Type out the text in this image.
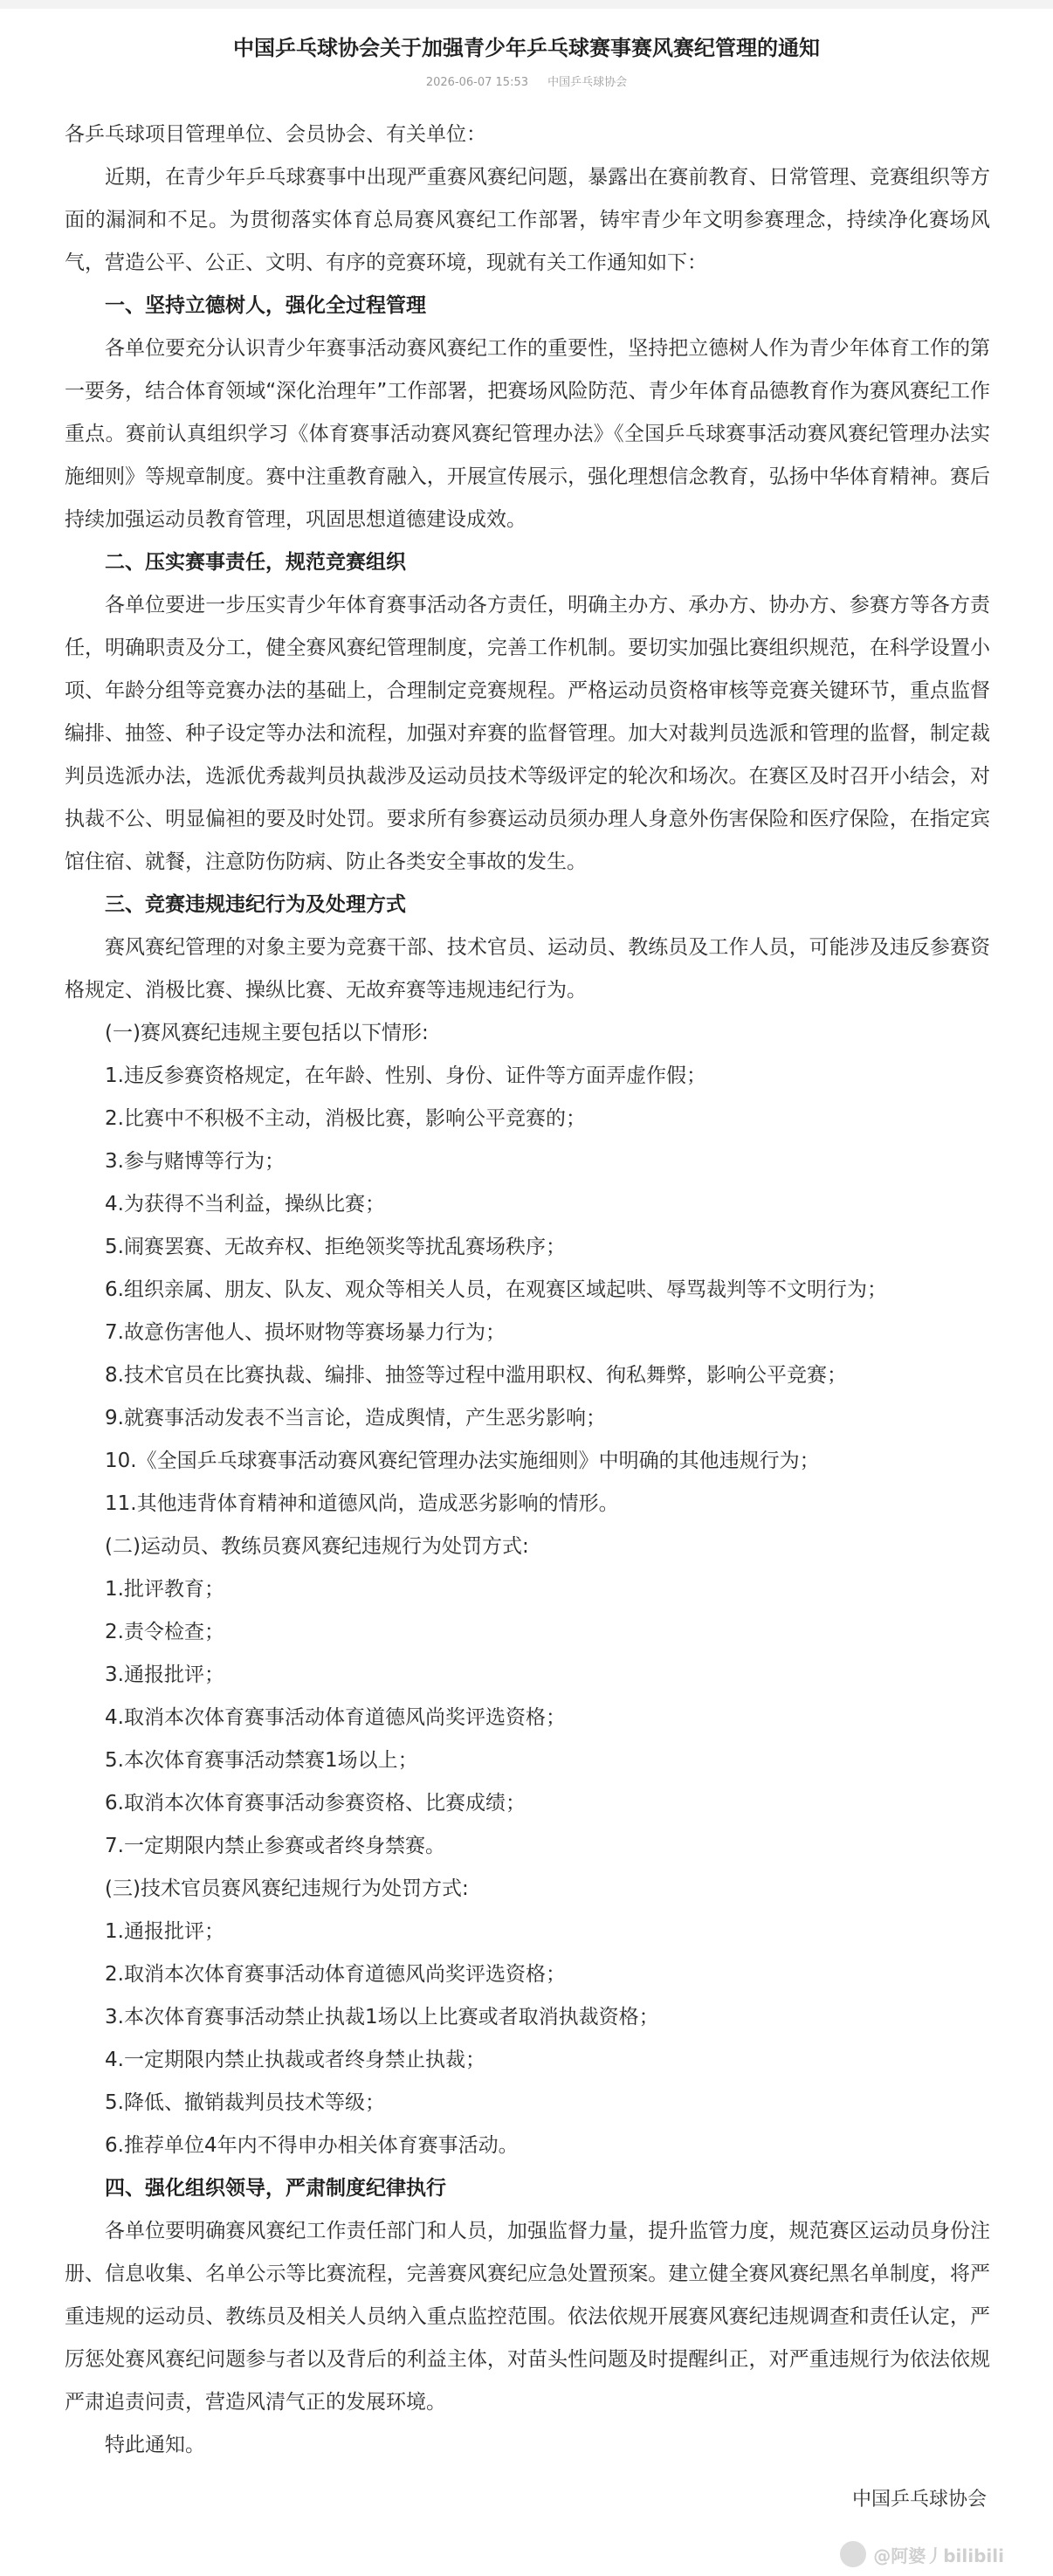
中国乒乓球协会关于加强青少年乒乓球赛事赛风赛纪管理的通知
2026-06-07 15:53 中国乒乓球协会

各乒乓球项目管理单位、会员协会、有关单位：

近期，在青少年乒乓球赛事中出现严重赛风赛纪问题，暴露出在赛前教育、日常管理、竞赛组织等方面的漏洞和不足。为贯彻落实体育总局赛风赛纪工作部署，铸牢青少年文明参赛理念，持续净化赛场风气，营造公平、公正、文明、有序的竞赛环境，现就有关工作通知如下：

一、坚持立德树人，强化全过程管理

各单位要充分认识青少年赛事活动赛风赛纪工作的重要性，坚持把立德树人作为青少年体育工作的第一要务，结合体育领域“深化治理年”工作部署，把赛场风险防范、青少年体育品德教育作为赛风赛纪工作重点。赛前认真组织学习《体育赛事活动赛风赛纪管理办法》《全国乒乓球赛事活动赛风赛纪管理办法实施细则》等规章制度。赛中注重教育融入，开展宣传展示，强化理想信念教育，弘扬中华体育精神。赛后持续加强运动员教育管理，巩固思想道德建设成效。

二、压实赛事责任，规范竞赛组织

各单位要进一步压实青少年体育赛事活动各方责任，明确主办方、承办方、协办方、参赛方等各方责任，明确职责及分工，健全赛风赛纪管理制度，完善工作机制。要切实加强比赛组织规范，在科学设置小项、年龄分组等竞赛办法的基础上，合理制定竞赛规程。严格运动员资格审核等竞赛关键环节，重点监督编排、抽签、种子设定等办法和流程，加强对弃赛的监督管理。加大对裁判员选派和管理的监督，制定裁判员选派办法，选派优秀裁判员执裁涉及运动员技术等级评定的轮次和场次。在赛区及时召开小结会，对执裁不公、明显偏袒的要及时处罚。要求所有参赛运动员须办理人身意外伤害保险和医疗保险，在指定宾馆住宿、就餐，注意防伤防病、防止各类安全事故的发生。

三、竞赛违规违纪行为及处理方式

赛风赛纪管理的对象主要为竞赛干部、技术官员、运动员、教练员及工作人员，可能涉及违反参赛资格规定、消极比赛、操纵比赛、无故弃赛等违规违纪行为。

(一)赛风赛纪违规主要包括以下情形:

1.违反参赛资格规定，在年龄、性别、身份、证件等方面弄虚作假；

2.比赛中不积极不主动，消极比赛，影响公平竞赛的；

3.参与赌博等行为；

4.为获得不当利益，操纵比赛；

5.闹赛罢赛、无故弃权、拒绝领奖等扰乱赛场秩序；

6.组织亲属、朋友、队友、观众等相关人员，在观赛区域起哄、辱骂裁判等不文明行为；

7.故意伤害他人、损坏财物等赛场暴力行为；

8.技术官员在比赛执裁、编排、抽签等过程中滥用职权、徇私舞弊，影响公平竞赛；

9.就赛事活动发表不当言论，造成舆情，产生恶劣影响；

10.《全国乒乓球赛事活动赛风赛纪管理办法实施细则》中明确的其他违规行为；

11.其他违背体育精神和道德风尚，造成恶劣影响的情形。

(二)运动员、教练员赛风赛纪违规行为处罚方式:

1.批评教育；

2.责令检查；

3.通报批评；

4.取消本次体育赛事活动体育道德风尚奖评选资格；

5.本次体育赛事活动禁赛1场以上；

6.取消本次体育赛事活动参赛资格、比赛成绩；

7.一定期限内禁止参赛或者终身禁赛。

(三)技术官员赛风赛纪违规行为处罚方式:

1.通报批评；

2.取消本次体育赛事活动体育道德风尚奖评选资格；

3.本次体育赛事活动禁止执裁1场以上比赛或者取消执裁资格；

4.一定期限内禁止执裁或者终身禁止执裁；

5.降低、撤销裁判员技术等级；

6.推荐单位4年内不得申办相关体育赛事活动。

四、强化组织领导，严肃制度纪律执行

各单位要明确赛风赛纪工作责任部门和人员，加强监督力量，提升监管力度，规范赛区运动员身份注册、信息收集、名单公示等比赛流程，完善赛风赛纪应急处置预案。建立健全赛风赛纪黑名单制度，将严重违规的运动员、教练员及相关人员纳入重点监控范围。依法依规开展赛风赛纪违规调查和责任认定，严厉惩处赛风赛纪问题参与者以及背后的利益主体，对苗头性问题及时提醒纠正，对严重违规行为依法依规严肃追责问责，营造风清气正的发展环境。

特此通知。

中国乒乓球协会
@阿婆丿bilibili
